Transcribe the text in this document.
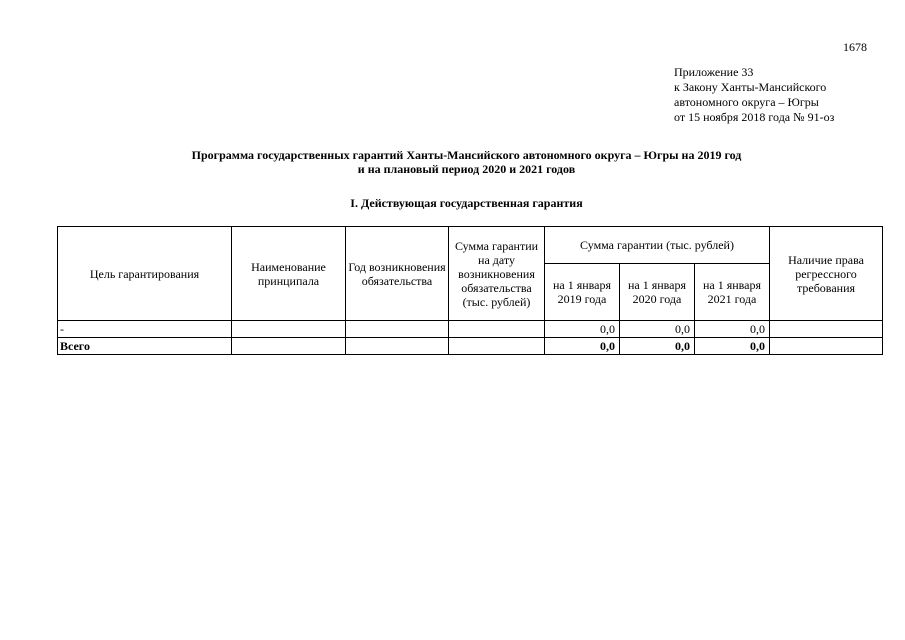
1678
Приложение 33
к Закону Ханты-Мансийского
автономного округа – Югры
от 15 ноября 2018 года № 91-оз
Программа государственных гарантий Ханты-Мансийского автономного округа – Югры на 2019 год
и на плановый период 2020 и 2021 годов
I. Действующая государственная гарантия
Цель гарантирования	Наименование принципала	Год возникновения обязательства	Сумма гарантии на дату возникновения обязательства (тыс. рублей)	Сумма гарантии (тыс. рублей)			Наличие права регрессного требования
				на 1 января 2019 года	на 1 января 2020 года	на 1 января 2021 года	
-				0,0	0,0	0,0	
Всего				0,0	0,0	0,0	
